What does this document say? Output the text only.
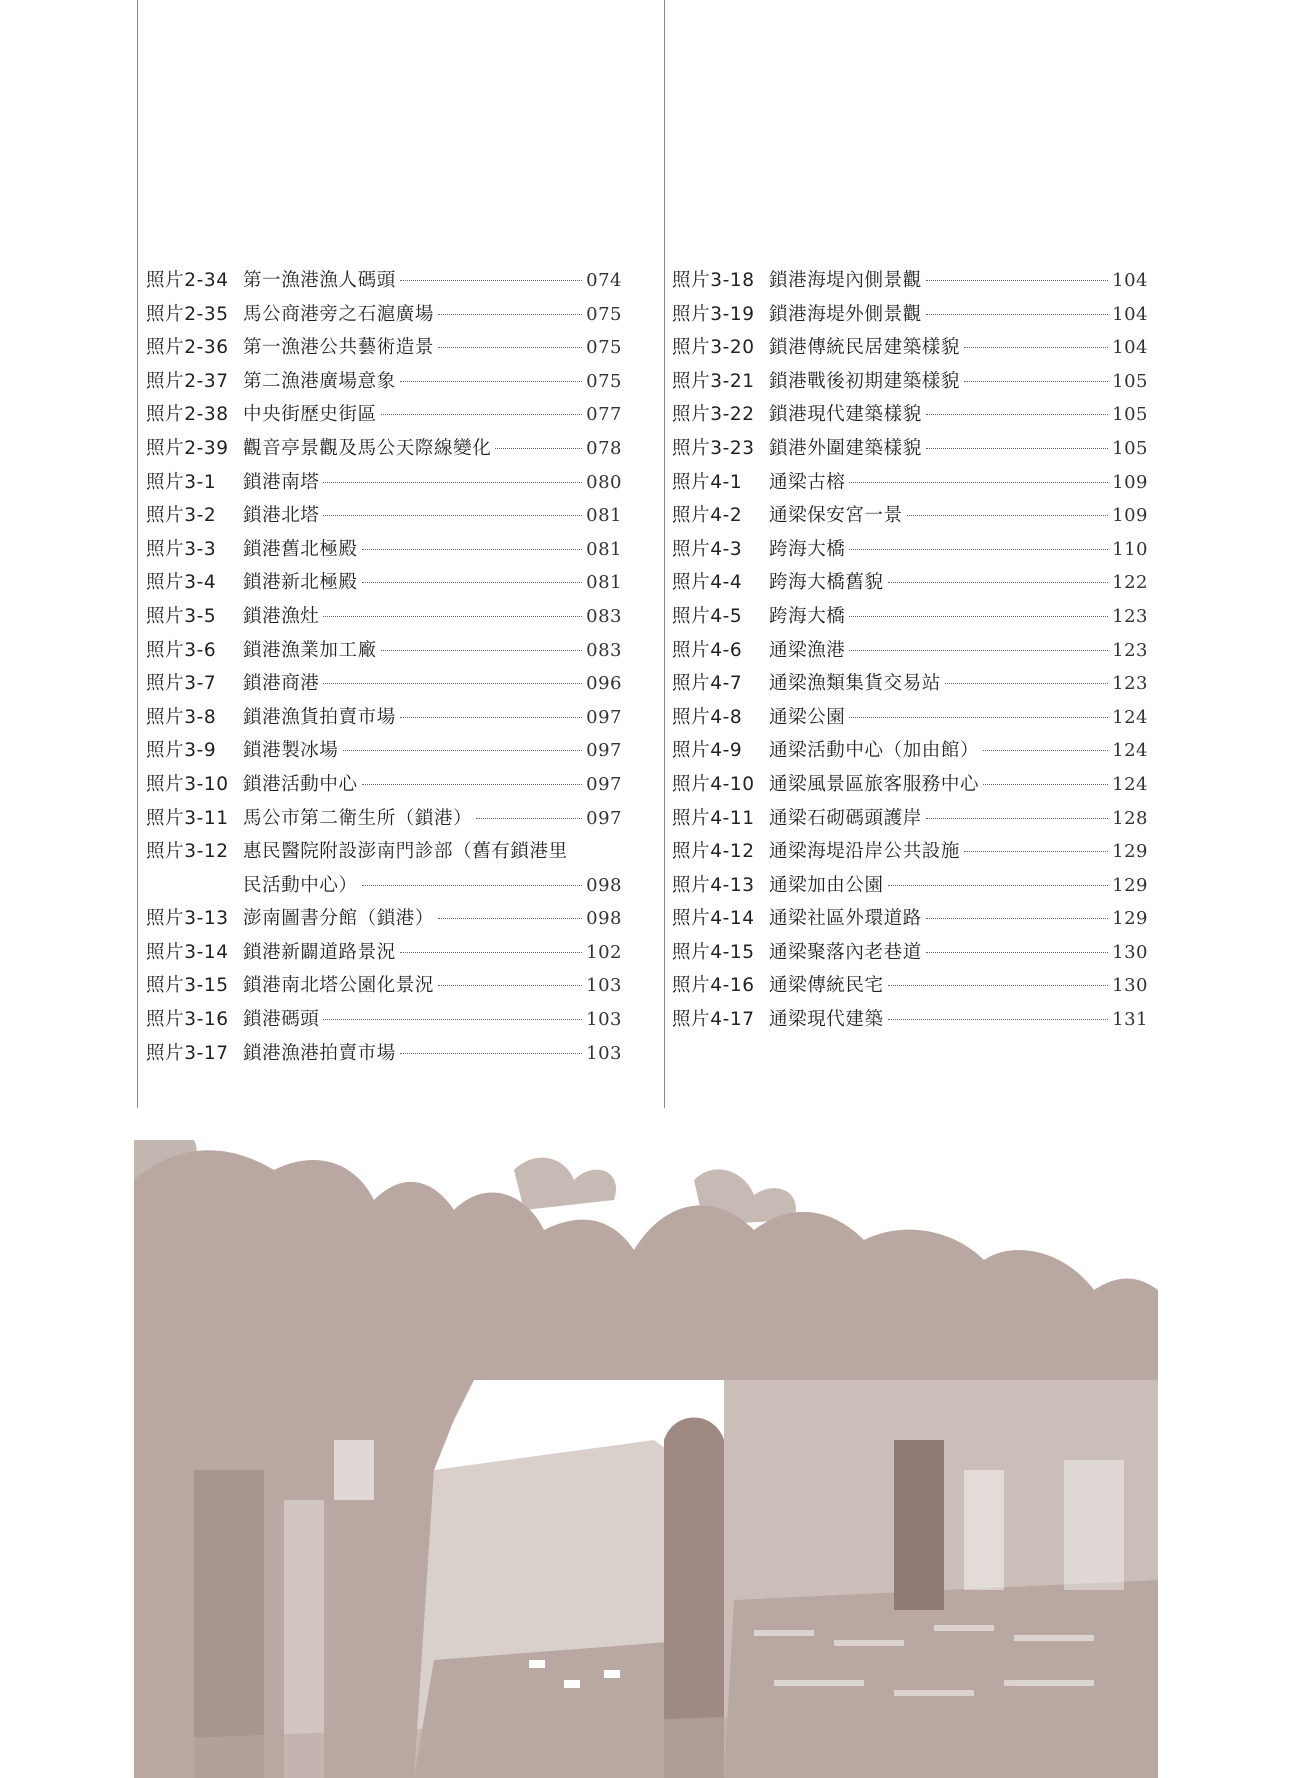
照片2-34 第一漁港漁人碼頭	074
照片2-35 馬公商港旁之石滬廣場	075
照片2-36 第一漁港公共藝術造景	075
照片2-37 第二漁港廣場意象	075
照片2-38 中央街歷史街區	077
照片2-39 觀音亭景觀及馬公天際線變化	078
照片3-1	鎖港南塔	080
照片3-2	鎖港北塔	081
照片3-3	鎖港舊北極殿	081
照片3-4	鎖港新北極殿	081
照片3-5	鎖港漁灶	083
照片3-6	鎖港漁業加工廠	083
照片3-7	鎖港商港	096
照片3-8	鎖港漁貨拍賣市場	097
照片3-9	鎖港製冰場	097
照片3-10 鎖港活動中心	097
照片3-11 馬公市第二衛生所（鎖港）	097
照片3-12 惠民醫院附設澎南門診部（舊有鎖港里
民活動中心）	098
照片3-13 澎南圖書分館（鎖港）	098
照片3-14 鎖港新闢道路景況	102
照片3-15 鎖港南北塔公園化景況	103
照片3-16 鎖港碼頭	103
照片3-17 鎖港漁港拍賣市場	103
照片3-18 鎖港海堤內側景觀	104
照片3-19 鎖港海堤外側景觀	104
照片3-20 鎖港傳統民居建築樣貌	104
照片3-21 鎖港戰後初期建築樣貌	105
照片3-22 鎖港現代建築樣貌	105
照片3-23 鎖港外圍建築樣貌	105
照片4-1	通梁古榕	109
照片4-2	通梁保安宮一景	109
照片4-3	跨海大橋	110
照片4-4	跨海大橋舊貌	122
照片4-5	跨海大橋	123
照片4-6	通梁漁港	123
照片4-7	通梁漁類集貨交易站	123
照片4-8	通梁公園	124
照片4-9	通梁活動中心（加由館）	124
照片4-10 通梁風景區旅客服務中心	124
照片4-11 通梁石砌碼頭護岸	128
照片4-12 通梁海堤沿岸公共設施	129
照片4-13 通梁加由公園	129
照片4-14 通梁社區外環道路	129
照片4-15 通梁聚落內老巷道	130
照片4-16 通梁傳統民宅	130
照片4-17 通梁現代建築	131
